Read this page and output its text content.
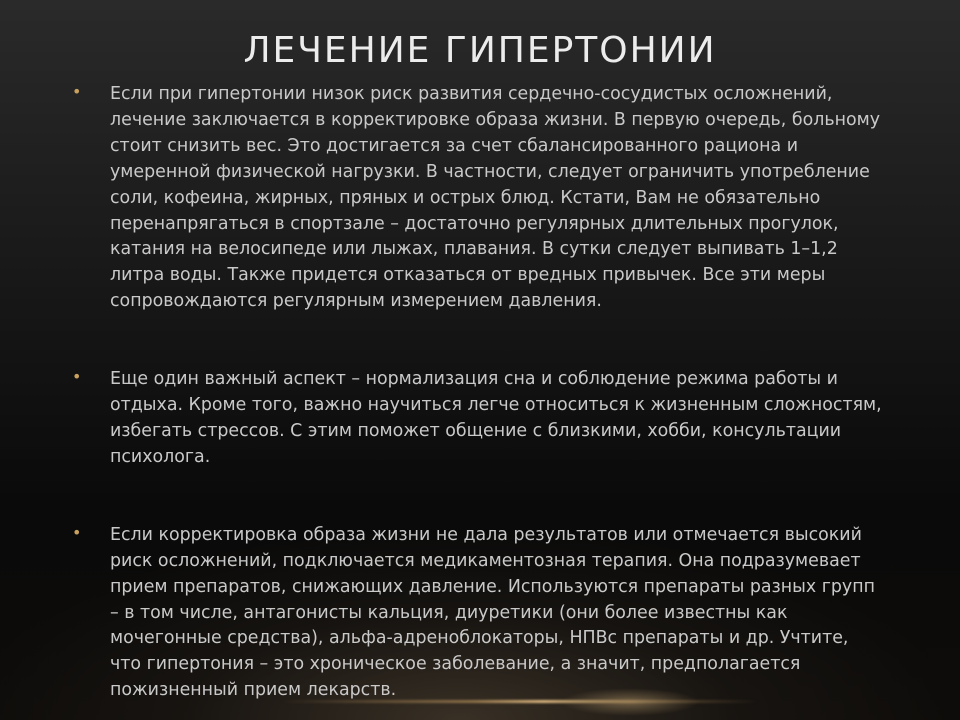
ЛЕЧЕНИЕ ГИПЕРТОНИИ
• Если при гипертонии низок риск развития сердечно-сосудистых осложнений, лечение заключается в корректировке образа жизни. В первую очередь, больному стоит снизить вес. Это достигается за счет сбалансированного рациона и умеренной физической нагрузки. В частности, следует ограничить употребление соли, кофеина, жирных, пряных и острых блюд. Кстати, Вам не обязательно перенапрягаться в спортзале – достаточно регулярных длительных прогулок, катания на велосипеде или лыжах, плавания. В сутки следует выпивать 1–1,2 литра воды. Также придется отказаться от вредных привычек. Все эти меры сопровождаются регулярным измерением давления.
• Еще один важный аспект – нормализация сна и соблюдение режима работы и отдыха. Кроме того, важно научиться легче относиться к жизненным сложностям, избегать стрессов. С этим поможет общение с близкими, хобби, консультации психолога.
• Если корректировка образа жизни не дала результатов или отмечается высокий риск осложнений, подключается медикаментозная терапия. Она подразумевает прием препаратов, снижающих давление. Используются препараты разных групп – в том числе, антагонисты кальция, диуретики (они более известны как мочегонные средства), альфа-адреноблокаторы, НПВс препараты и др. Учтите, что гипертония – это хроническое заболевание, а значит, предполагается пожизненный прием лекарств.
